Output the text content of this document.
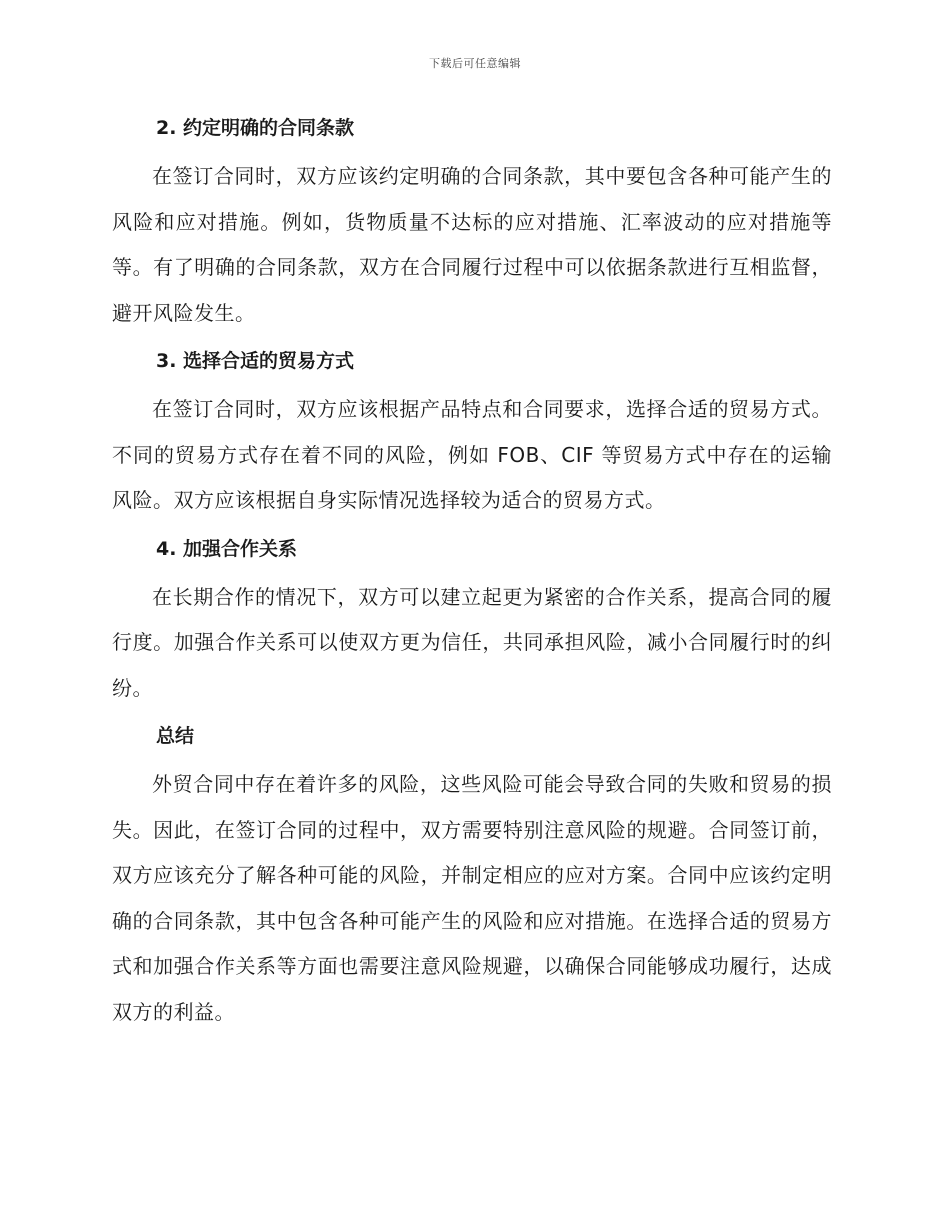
下载后可任意编辑
2. 约定明确的合同条款

在签订合同时，双方应该约定明确的合同条款，其中要包含各种可能产生的风险和应对措施。例如，货物质量不达标的应对措施、汇率波动的应对措施等等。有了明确的合同条款，双方在合同履行过程中可以依据条款进行互相监督，避开风险发生。

3. 选择合适的贸易方式

在签订合同时，双方应该根据产品特点和合同要求，选择合适的贸易方式。不同的贸易方式存在着不同的风险，例如 FOB、CIF 等贸易方式中存在的运输风险。双方应该根据自身实际情况选择较为适合的贸易方式。

4. 加强合作关系

在长期合作的情况下，双方可以建立起更为紧密的合作关系，提高合同的履行度。加强合作关系可以使双方更为信任，共同承担风险，减小合同履行时的纠纷。

总结

外贸合同中存在着许多的风险，这些风险可能会导致合同的失败和贸易的损失。因此，在签订合同的过程中，双方需要特别注意风险的规避。合同签订前，双方应该充分了解各种可能的风险，并制定相应的应对方案。合同中应该约定明确的合同条款，其中包含各种可能产生的风险和应对措施。在选择合适的贸易方式和加强合作关系等方面也需要注意风险规避，以确保合同能够成功履行，达成双方的利益。
